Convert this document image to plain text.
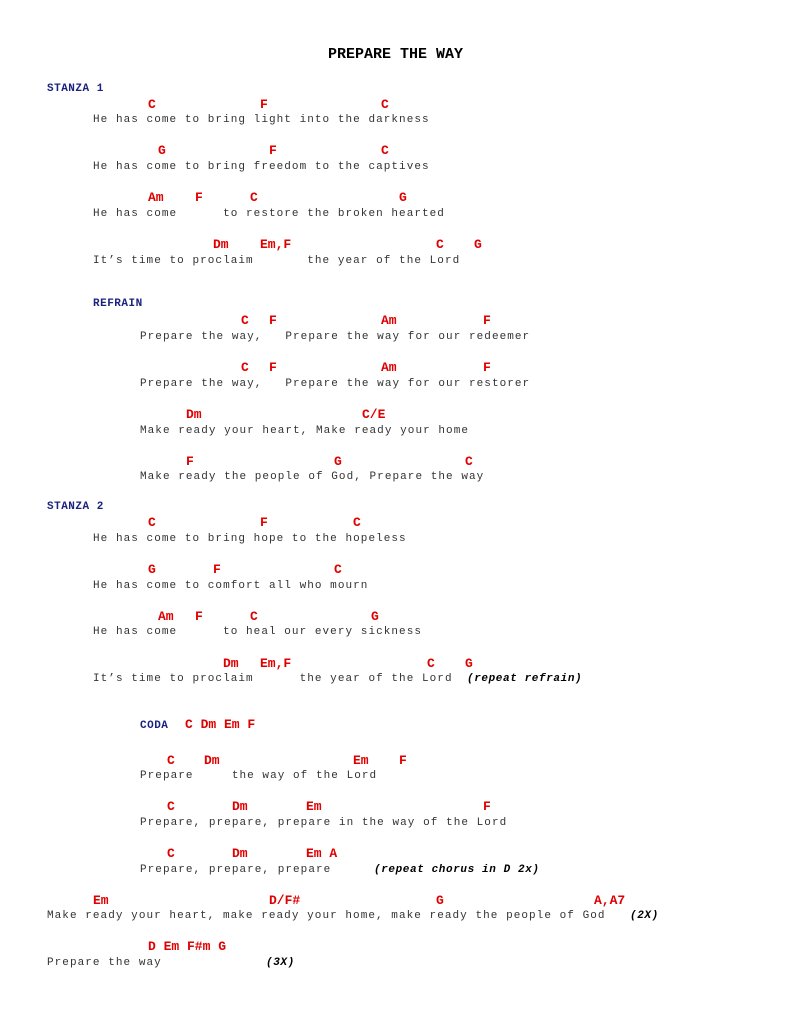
PREPARE THE WAY
STANZA 1
C	F	C
He has come to bring light into the darkness
G	F	C
He has come to bring freedom to the captives
Am F	C	G
He has come      to restore the broken hearted
Dm Em,F	C G
It’s time to proclaim       the year of the Lord
REFRAIN
C F	Am	F
Prepare the way,   Prepare the way for our redeemer
C F	Am	F
Prepare the way,   Prepare the way for our restorer
Dm	C/E
Make ready your heart, Make ready your home
F	G	C
Make ready the people of God, Prepare the way
STANZA 2
C	F	C
He has come to bring hope to the hopeless
G	F	C
He has come to comfort all who mourn
Am F	C	G
He has come      to heal our every sickness
Dm Em,F	C G
It’s time to proclaim      the year of the Lord (repeat refrain)
CODA C Dm Em F
C Dm	Em F
Prepare     the way of the Lord
C	Dm	Em	F
Prepare, prepare, prepare in the way of the Lord
C	Dm	Em A
Prepare, prepare, prepare	(repeat chorus in D 2x)
Em	D/F#	G	A,A7
Make ready your heart, make ready your home, make ready the people of God (2X)
D Em F#m G
Prepare the way	(3X)
